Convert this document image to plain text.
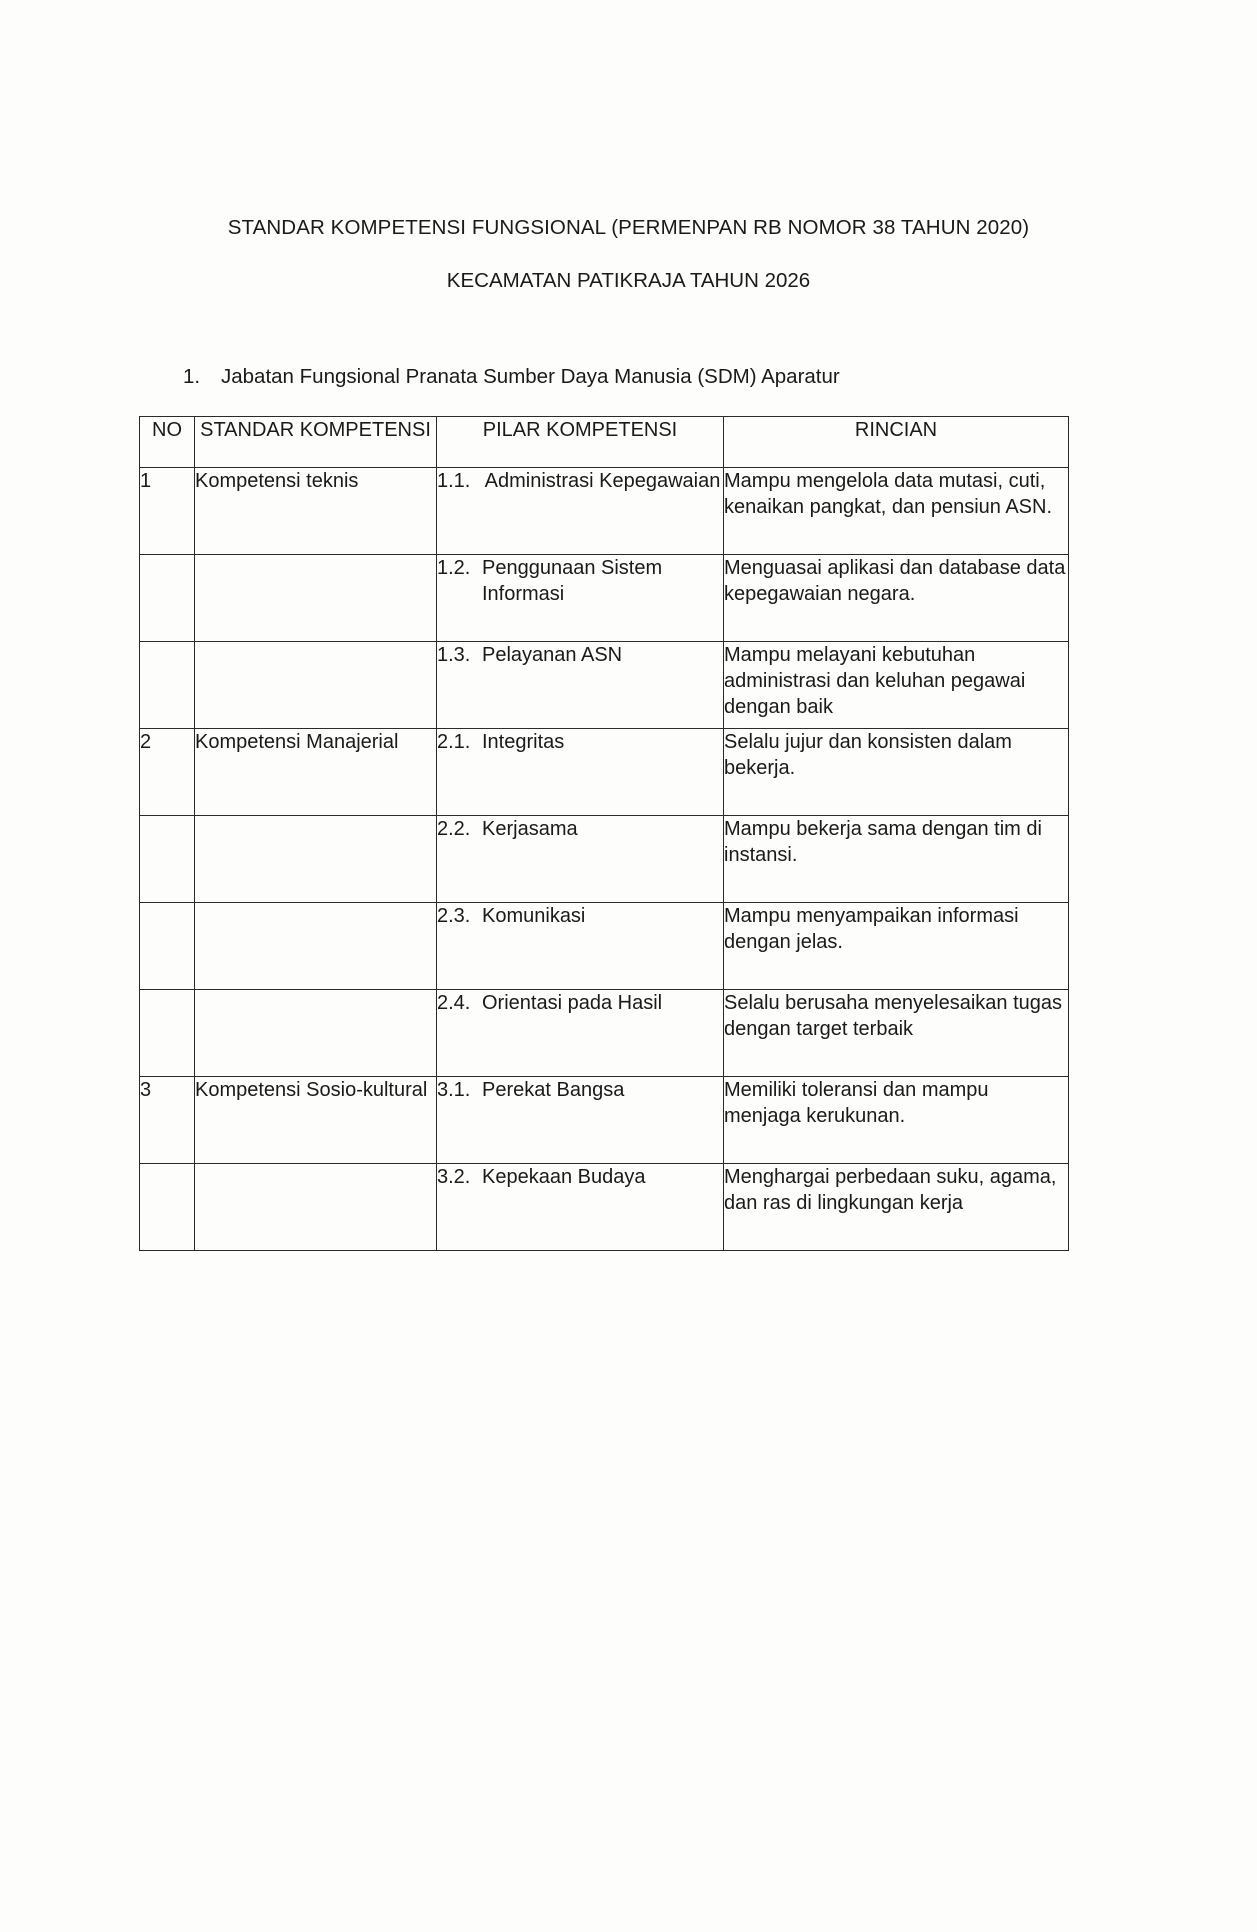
STANDAR KOMPETENSI FUNGSIONAL (PERMENPAN RB NOMOR 38 TAHUN 2020)
KECAMATAN PATIKRAJA TAHUN 2026
1. Jabatan Fungsional Pranata Sumber Daya Manusia (SDM) Aparatur
NO	STANDAR KOMPETENSI	PILAR KOMPETENSI	RINCIAN
1	Kompetensi teknis	1.1. Administrasi Kepegawaian	Mampu mengelola data mutasi, cuti, kenaikan pangkat, dan pensiun ASN.

		1.2. Penggunaan Sistem Informasi	Menguasai aplikasi dan database data kepegawaian negara.

		1.3. Pelayanan ASN	Mampu melayani kebutuhan administrasi dan keluhan pegawai dengan baik
2	Kompetensi Manajerial	2.1. Integritas	Selalu jujur dan konsisten dalam bekerja.

		2.2. Kerjasama	Mampu bekerja sama dengan tim di instansi.

		2.3. Komunikasi	Mampu menyampaikan informasi dengan jelas.

		2.4. Orientasi pada Hasil	Selalu berusaha menyelesaikan tugas dengan target terbaik
3	Kompetensi Sosio-kultural	3.1. Perekat Bangsa	Memiliki toleransi dan mampu menjaga kerukunan.

		3.2. Kepekaan Budaya	Menghargai perbedaan suku, agama, dan ras di lingkungan kerja
